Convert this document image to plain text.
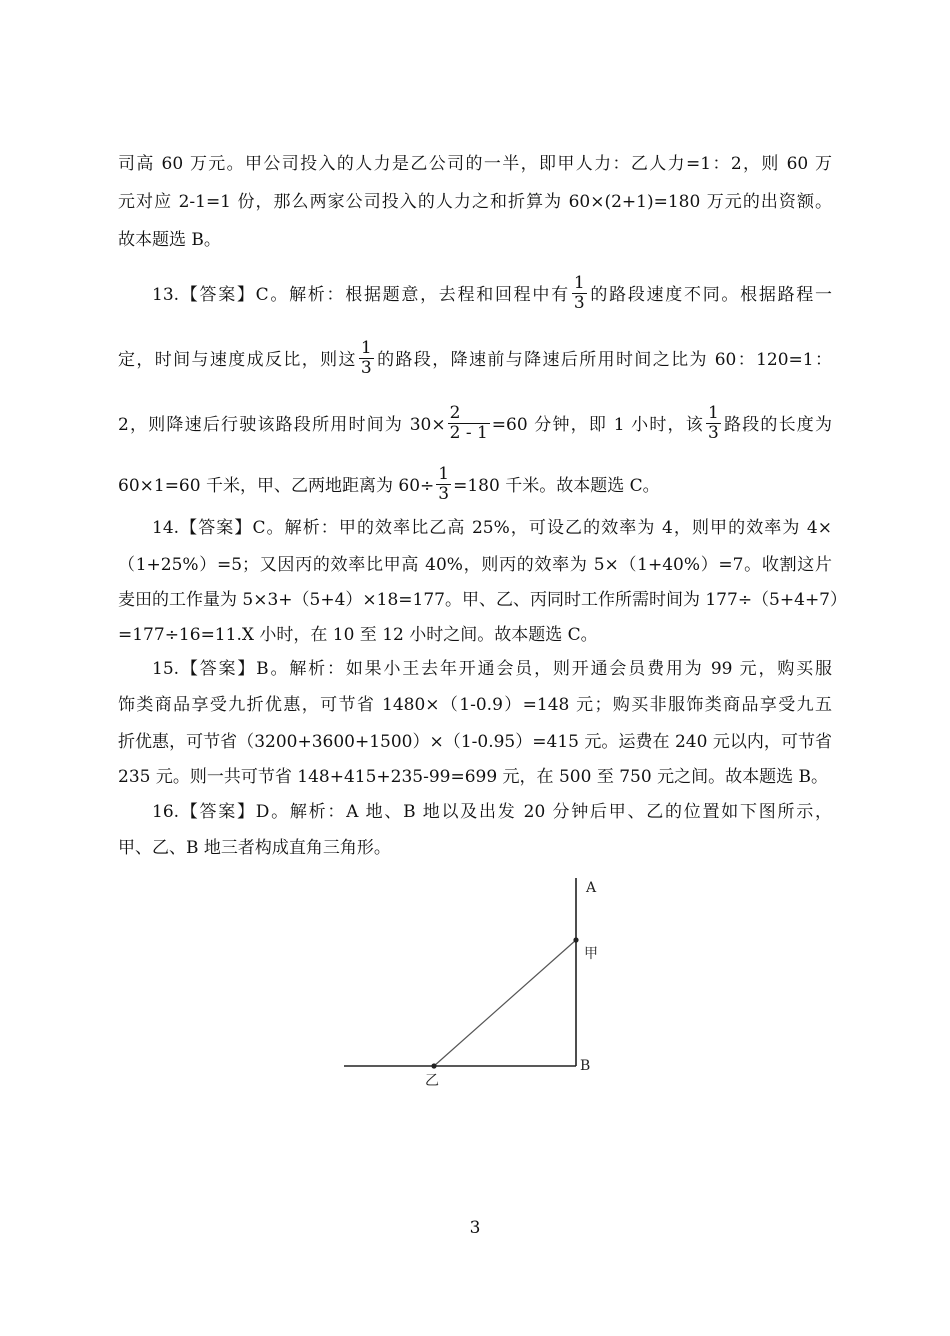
司高 60 万元。甲公司投入的人力是乙公司的一半，即甲人力：乙人力=1：2，则 60 万
元对应 2-1=1 份，那么两家公司投入的人力之和折算为 60×(2+1)=180 万元的出资额。
故本题选 B。
13.【答案】C。解析：根据题意，去程和回程中有 $\frac{1}{3}$ 的路段速度不同。根据路程一
定，时间与速度成反比，则这 $\frac{1}{3}$ 的路段，降速前与降速后所用时间之比为 60：120=1：
2，则降速后行驶该路段所用时间为 $30\times \frac{2}{2 - 1} =60$ 分钟，即 1 小时，该 $\frac{1}{3}$ 路段的长度为
60×1=60 千米，甲、乙两地距离为 $60\div \frac{1}{3} =180$ 千米。故本题选 C。
14.【答案】C。解析：甲的效率比乙高 25%，可设乙的效率为 4，则甲的效率为 4×
（1+25%）=5；又因丙的效率比甲高 40%，则丙的效率为 5×（1+40%）=7。收割这片
麦田的工作量为 5×3+（5+4）×18=177。甲、乙、丙同时工作所需时间为 177÷（5+4+7）
=177÷16=11.X 小时，在 10 至 12 小时之间。故本题选 C。
15.【答案】B。解析：如果小王去年开通会员，则开通会员费用为 99 元，购买服
饰类商品享受九折优惠，可节省 1480×（1-0.9）=148 元；购买非服饰类商品享受九五
折优惠，可节省（3200+3600+1500）×（1-0.95）=415 元。运费在 240 元以内，可节省
235 元。则一共可节省 148+415+235-99=699 元，在 500 至 750 元之间。故本题选 B。
16.【答案】D。解析：A 地、B 地以及出发 20 分钟后甲、乙的位置如下图所示，
甲、乙、B 地三者构成直角三角形。
A
甲
B
乙
3
